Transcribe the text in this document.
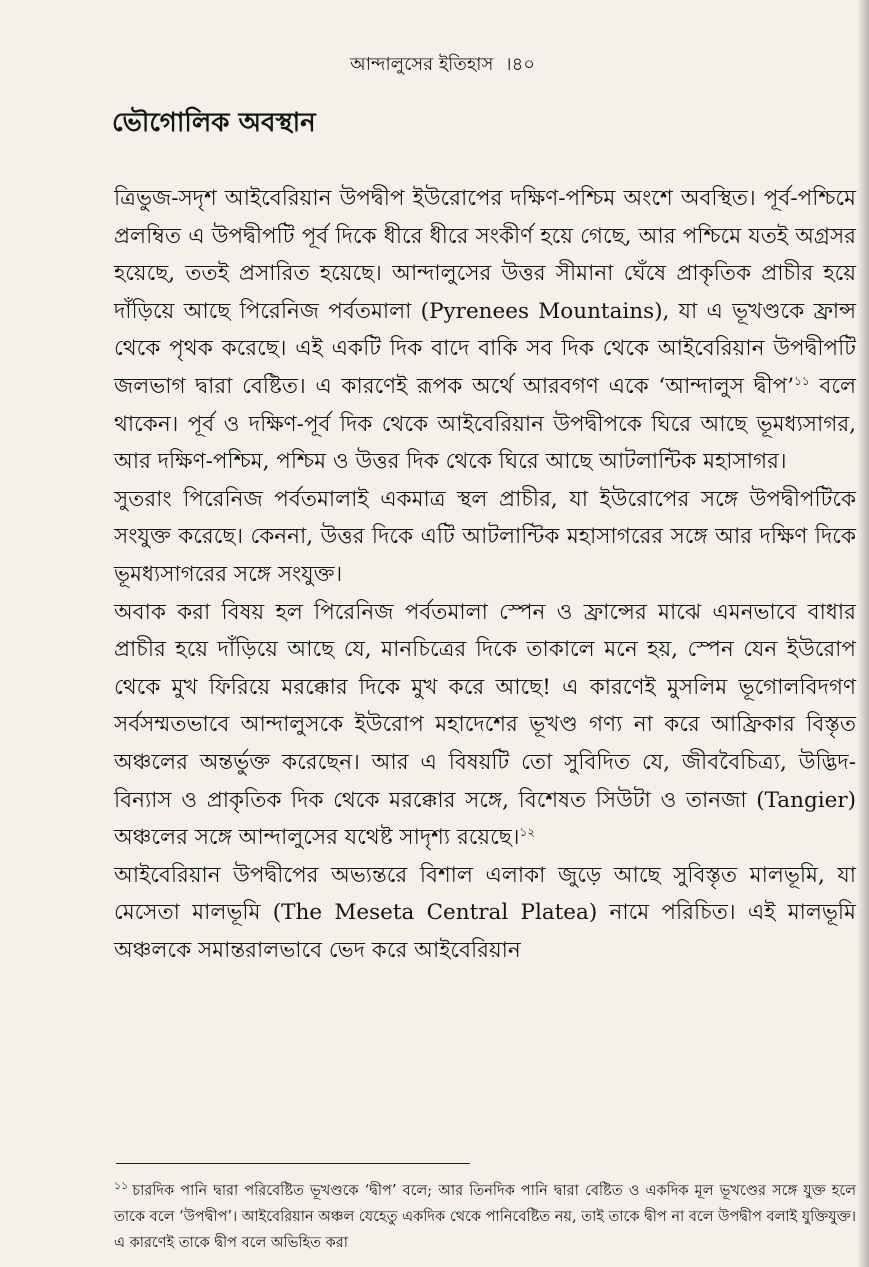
আন্দালুসের ইতিহাস ।৪০
ভৌগোলিক অবস্থান

ত্রিভুজ-সদৃশ আইবেরিয়ান উপদ্বীপ ইউরোপের দক্ষিণ-পশ্চিম অংশে অবস্থিত। পূর্ব-পশ্চিমে প্রলম্বিত এ উপদ্বীপটি পূর্ব দিকে ধীরে ধীরে সংকীর্ণ হয়ে গেছে, আর পশ্চিমে যতই অগ্রসর হয়েছে, ততই প্রসারিত হয়েছে। আন্দালুসের উত্তর সীমানা ঘেঁষে প্রাকৃতিক প্রাচীর হয়ে দাঁড়িয়ে আছে পিরেনিজ পর্বতমালা (Pyrenees Mountains), যা এ ভূখণ্ডকে ফ্রান্স থেকে পৃথক করেছে। এই একটি দিক বাদে বাকি সব দিক থেকে আইবেরিয়ান উপদ্বীপটি জলভাগ দ্বারা বেষ্টিত। এ কারণেই রূপক অর্থে আরবগণ একে ‘আন্দালুস দ্বীপ’$^{১১}$ বলে থাকেন। পূর্ব ও দক্ষিণ-পূর্ব দিক থেকে আইবেরিয়ান উপদ্বীপকে ঘিরে আছে ভূমধ্যসাগর, আর দক্ষিণ-পশ্চিম, পশ্চিম ও উত্তর দিক থেকে ঘিরে আছে আটলান্টিক মহাসাগর।

সুতরাং পিরেনিজ পর্বতমালাই একমাত্র স্থল প্রাচীর, যা ইউরোপের সঙ্গে উপদ্বীপটিকে সংযুক্ত করেছে। কেননা, উত্তর দিকে এটি আটলান্টিক মহাসাগরের সঙ্গে আর দক্ষিণ দিকে ভূমধ্যসাগরের সঙ্গে সংযুক্ত।

অবাক করা বিষয় হল পিরেনিজ পর্বতমালা স্পেন ও ফ্রান্সের মাঝে এমনভাবে বাধার প্রাচীর হয়ে দাঁড়িয়ে আছে যে, মানচিত্রের দিকে তাকালে মনে হয়, স্পেন যেন ইউরোপ থেকে মুখ ফিরিয়ে মরক্কোর দিকে মুখ করে আছে! এ কারণেই মুসলিম ভূগোলবিদগণ সর্বসম্মতভাবে আন্দালুসকে ইউরোপ মহাদেশের ভূখণ্ড গণ্য না করে আফ্রিকার বিস্তৃত অঞ্চলের অন্তর্ভুক্ত করেছেন। আর এ বিষয়টি তো সুবিদিত যে, জীববৈচিত্র্য, উদ্ভিদ-বিন্যাস ও প্রাকৃতিক দিক থেকে মরক্কোর সঙ্গে, বিশেষত সিউটা ও তানজা (Tangier) অঞ্চলের সঙ্গে আন্দালুসের যথেষ্ট সাদৃশ্য রয়েছে।$^{১২}$

আইবেরিয়ান উপদ্বীপের অভ্যন্তরে বিশাল এলাকা জুড়ে আছে সুবিস্তৃত মালভূমি, যা মেসেতা মালভূমি (The Meseta Central Platea) নামে পরিচিত। এই মালভূমি অঞ্চলকে সমান্তরালভাবে ভেদ করে আইবেরিয়ান

$^{১১}$ চারদিক পানি দ্বারা পরিবেষ্টিত ভূখণ্ডকে ‘দ্বীপ’ বলে; আর তিনদিক পানি দ্বারা বেষ্টিত ও একদিক মূল ভূখণ্ডের সঙ্গে যুক্ত হলে তাকে বলে ‘উপদ্বীপ’। আইবেরিয়ান অঞ্চল যেহেতু একদিক থেকে পানিবেষ্টিত নয়, তাই তাকে দ্বীপ না বলে উপদ্বীপ বলাই যুক্তিযুক্ত। এ কারণেই তাকে দ্বীপ বলে অভিহিত করা
